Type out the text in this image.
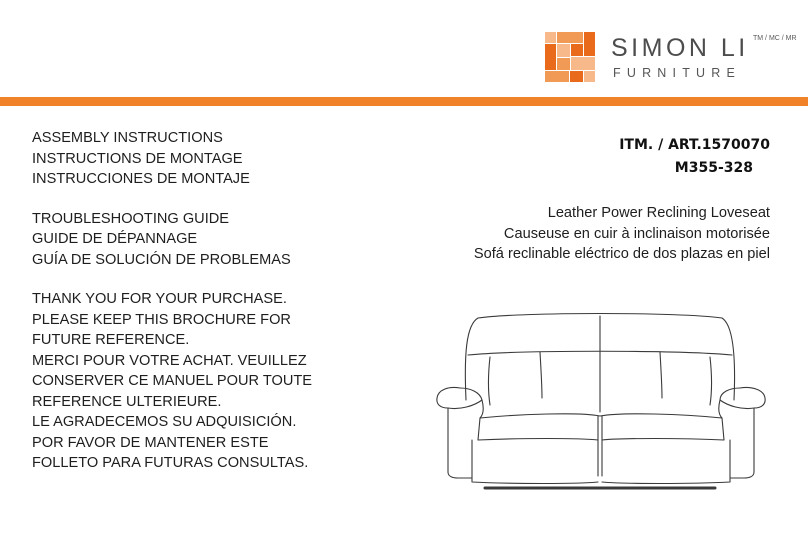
SIMON LI TM / MC / MR
FURNITURE
ASSEMBLY INSTRUCTIONS
INSTRUCTIONS DE MONTAGE
INSTRUCCIONES DE MONTAJE
TROUBLESHOOTING GUIDE
GUIDE DE DÉPANNAGE
GUÍA DE SOLUCIÓN DE PROBLEMAS
THANK YOU FOR YOUR PURCHASE.
PLEASE KEEP THIS BROCHURE FOR
FUTURE REFERENCE.
MERCI POUR VOTRE ACHAT. VEUILLEZ
CONSERVER CE MANUEL POUR TOUTE
REFERENCE ULTERIEURE.
LE AGRADECEMOS SU ADQUISICIÓN.
POR FAVOR DE MANTENER ESTE
FOLLETO PARA FUTURAS CONSULTAS.
ITM. / ART.1570070
M355-328
Leather Power Reclining Loveseat
Causeuse en cuir à inclinaison motorisée
Sofá reclinable eléctrico de dos plazas en piel
